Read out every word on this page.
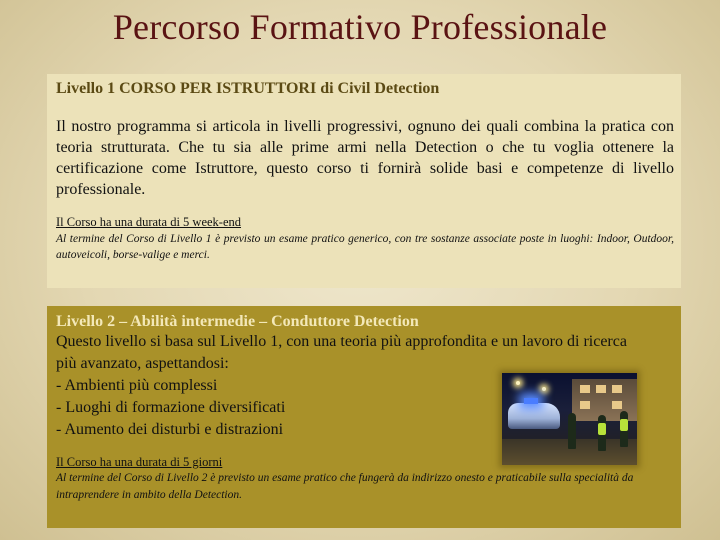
Percorso Formativo Professionale
Livello 1 CORSO PER ISTRUTTORI di Civil Detection

Il nostro programma si articola in livelli progressivi, ognuno dei quali combina la pratica con teoria strutturata. Che tu sia alle prime armi nella Detection o che tu voglia ottenere la certificazione come Istruttore, questo corso ti fornirà solide basi e competenze di livello professionale.

Il Corso ha una durata di 5 week-end
Al termine del Corso di Livello 1 è previsto un esame pratico generico, con tre sostanze associate poste in luoghi: Indoor, Outdoor, autoveicoli, borse-valige e merci.
Livello 2 – Abilità intermedie – Conduttore Detection
Questo livello si basa sul Livello 1, con una teoria più approfondita e un lavoro di ricerca più avanzato, aspettandosi:
- Ambienti più complessi
- Luoghi di formazione diversificati
- Aumento dei disturbi e distrazioni
Il Corso ha una durata di 5 giorni
Al termine del Corso di Livello 2 è previsto un esame pratico che fungerà da indirizzo onesto e praticabile sulla specialità da intraprendere in ambito della Detection.
